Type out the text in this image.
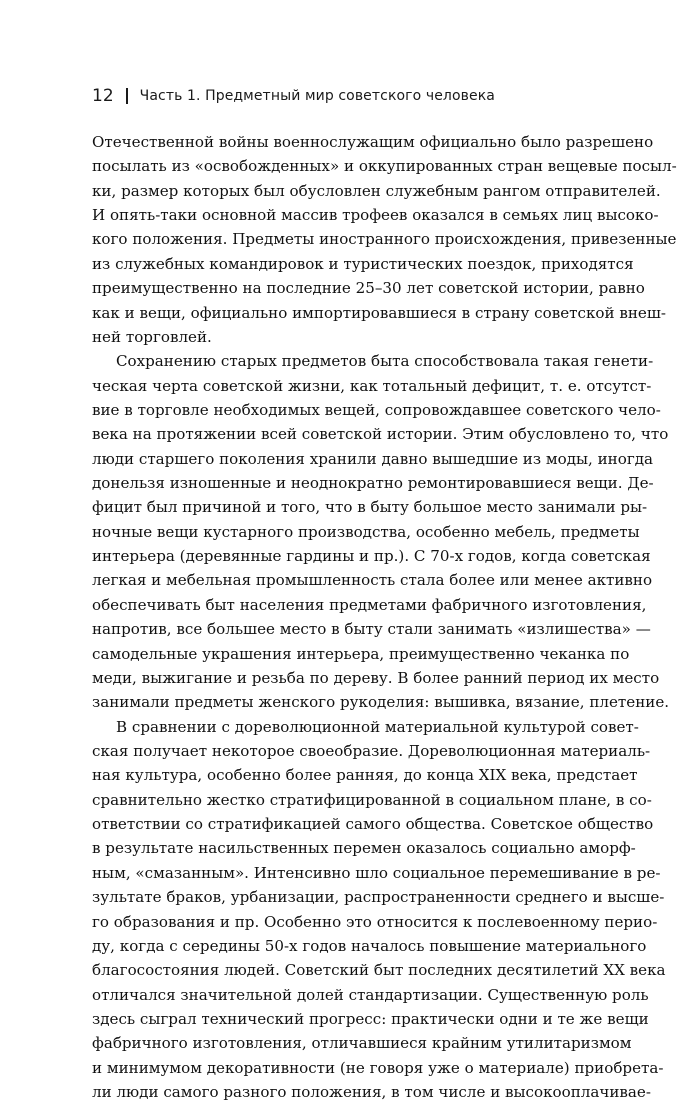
12 Часть 1. Предметный мир советского человека
Отечественной войны военнослужащим официально было разрешено
посылать из «освобожденных» и оккупированных стран вещевые посыл-
ки, размер которых был обусловлен служебным рангом отправителей.
И опять-таки основной массив трофеев оказался в семьях лиц высоко-
кого положения. Предметы иностранного происхождения, привезенные
из служебных командировок и туристических поездок, приходятся
преимущественно на последние 25–30 лет советской истории, равно
как и вещи, официально импортировавшиеся в страну советской внеш-
ней торговлей.
Сохранению старых предметов быта способствовала такая генети-
ческая черта советской жизни, как тотальный дефицит, т. е. отсутст-
вие в торговле необходимых вещей, сопровождавшее советского чело-
века на протяжении всей советской истории. Этим обусловлено то, что
люди старшего поколения хранили давно вышедшие из моды, иногда
донельзя изношенные и неоднократно ремонтировавшиеся вещи. Де-
фицит был причиной и того, что в быту большое место занимали ры-
ночные вещи кустарного производства, особенно мебель, предметы
интерьера (деревянные гардины и пр.). С 70-х годов, когда советская
легкая и мебельная промышленность стала более или менее активно
обеспечивать быт населения предметами фабричного изготовления,
напротив, все большее место в быту стали занимать «излишества» —
самодельные украшения интерьера, преимущественно чеканка по
меди, выжигание и резьба по дереву. В более ранний период их место
занимали предметы женского рукоделия: вышивка, вязание, плетение.
В сравнении с дореволюционной материальной культурой совет-
ская получает некоторое своеобразие. Дореволюционная материаль-
ная культура, особенно более ранняя, до конца XIX века, предстает
сравнительно жестко стратифицированной в социальном плане, в со-
ответствии со стратификацией самого общества. Советское общество
в результате насильственных перемен оказалось социально аморф-
ным, «смазанным». Интенсивно шло социальное перемешивание в ре-
зультате браков, урбанизации, распространенности среднего и высше-
го образования и пр. Особенно это относится к послевоенному перио-
ду, когда с середины 50-х годов началось повышение материального
благосостояния людей. Советский быт последних десятилетий XX века
отличался значительной долей стандартизации. Существенную роль
здесь сыграл технический прогресс: практически одни и те же вещи
фабричного изготовления, отличавшиеся крайним утилитаризмом
и минимумом декоративности (не говоря уже о материале) приобрета-
ли люди самого разного положения, в том числе и высокооплачивае-
